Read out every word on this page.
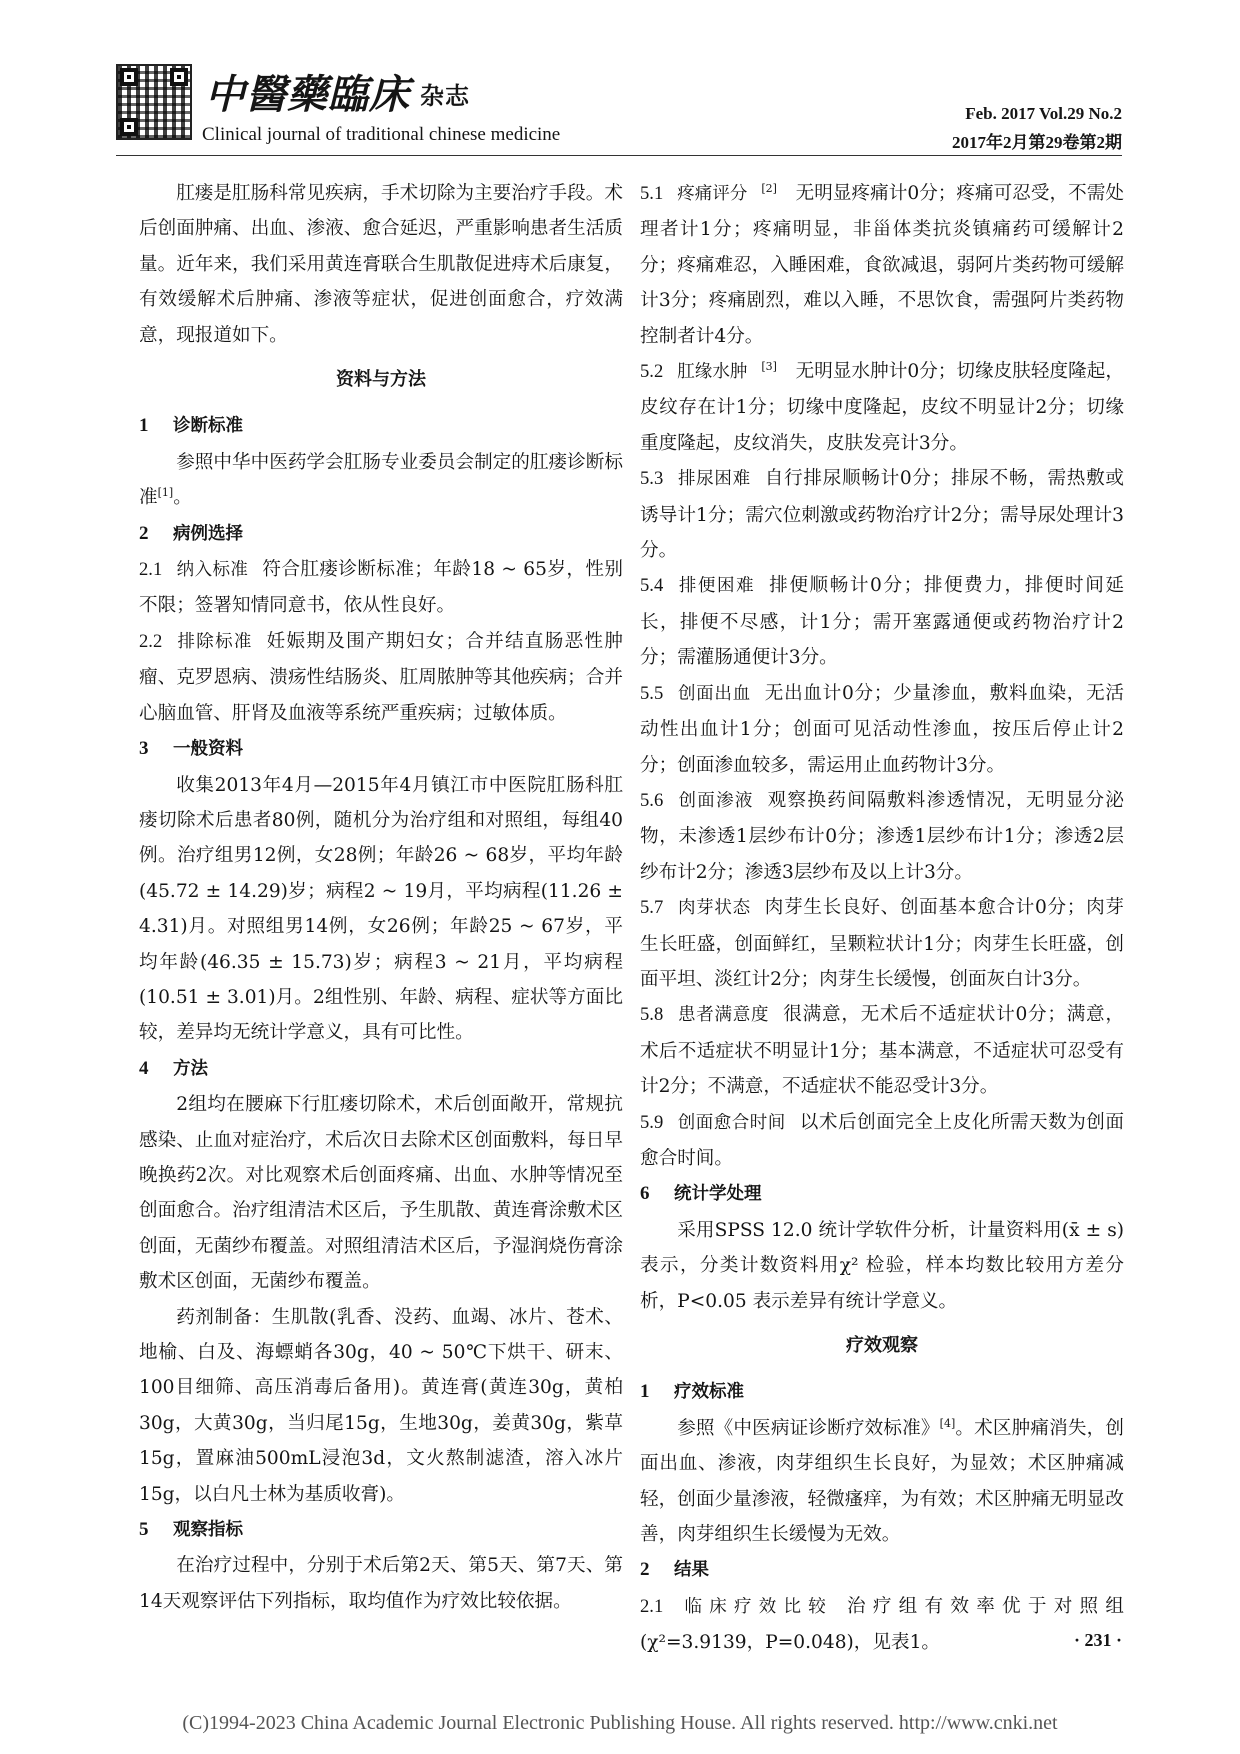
中醫藥臨床 杂志
Clinical journal of traditional chinese medicine
Feb. 2017 Vol.29 No.2
2017年2月第29卷第2期

肛瘘是肛肠科常见疾病，手术切除为主要治疗手段。术后创面肿痛、出血、渗液、愈合延迟，严重影响患者生活质量。近年来，我们采用黄连膏联合生肌散促进痔术后康复，有效缓解术后肿痛、渗液等症状，促进创面愈合，疗效满意，现报道如下。

资料与方法

1 诊断标准

参照中华中医药学会肛肠专业委员会制定的肛瘘诊断标准[1]。

2 病例选择

2.1 纳入标准 符合肛瘘诊断标准；年龄18 ~ 65岁，性别不限；签署知情同意书，依从性良好。

2.2 排除标准 妊娠期及围产期妇女；合并结直肠恶性肿瘤、克罗恩病、溃疡性结肠炎、肛周脓肿等其他疾病；合并心脑血管、肝肾及血液等系统严重疾病；过敏体质。

3 一般资料

收集2013年4月—2015年4月镇江市中医院肛肠科肛瘘切除术后患者80例，随机分为治疗组和对照组，每组40例。治疗组男12例，女28例；年龄26 ~ 68岁，平均年龄(45.72 ± 14.29)岁；病程2 ~ 19月，平均病程(11.26 ± 4.31)月。对照组男14例，女26例；年龄25 ~ 67岁，平均年龄(46.35 ± 15.73)岁；病程3 ~ 21月，平均病程(10.51 ± 3.01)月。2组性别、年龄、病程、症状等方面比较，差异均无统计学意义，具有可比性。

4 方法

2组均在腰麻下行肛瘘切除术，术后创面敞开，常规抗感染、止血对症治疗，术后次日去除术区创面敷料，每日早晚换药2次。对比观察术后创面疼痛、出血、水肿等情况至创面愈合。治疗组清洁术区后，予生肌散、黄连膏涂敷术区创面，无菌纱布覆盖。对照组清洁术区后，予湿润烧伤膏涂敷术区创面，无菌纱布覆盖。

药剂制备：生肌散(乳香、没药、血竭、冰片、苍术、地榆、白及、海螵蛸各30g，40 ~ 50℃下烘干、研末、100目细筛、高压消毒后备用)。黄连膏(黄连30g，黄柏30g，大黄30g，当归尾15g，生地30g，姜黄30g，紫草15g，置麻油500mL浸泡3d，文火熬制滤渣，溶入冰片15g，以白凡士林为基质收膏)。

5 观察指标

在治疗过程中，分别于术后第2天、第5天、第7天、第14天观察评估下列指标，取均值作为疗效比较依据。

5.1 疼痛评分 [2]  无明显疼痛计0分；疼痛可忍受，不需处理者计1分；疼痛明显，非甾体类抗炎镇痛药可缓解计2分；疼痛难忍，入睡困难，食欲减退，弱阿片类药物可缓解计3分；疼痛剧烈，难以入睡，不思饮食，需强阿片类药物控制者计4分。

5.2 肛缘水肿 [3]  无明显水肿计0分；切缘皮肤轻度隆起，皮纹存在计1分；切缘中度隆起，皮纹不明显计2分；切缘重度隆起，皮纹消失，皮肤发亮计3分。

5.3 排尿困难 自行排尿顺畅计0分；排尿不畅，需热敷或诱导计1分；需穴位刺激或药物治疗计2分；需导尿处理计3分。

5.4 排便困难 排便顺畅计0分；排便费力，排便时间延长，排便不尽感，计1分；需开塞露通便或药物治疗计2分；需灌肠通便计3分。

5.5 创面出血 无出血计0分；少量渗血，敷料血染，无活动性出血计1分；创面可见活动性渗血，按压后停止计2分；创面渗血较多，需运用止血药物计3分。

5.6 创面渗液 观察换药间隔敷料渗透情况，无明显分泌物，未渗透1层纱布计0分；渗透1层纱布计1分；渗透2层纱布计2分；渗透3层纱布及以上计3分。

5.7 肉芽状态 肉芽生长良好、创面基本愈合计0分；肉芽生长旺盛，创面鲜红，呈颗粒状计1分；肉芽生长旺盛，创面平坦、淡红计2分；肉芽生长缓慢，创面灰白计3分。

5.8 患者满意度 很满意，无术后不适症状计0分；满意，术后不适症状不明显计1分；基本满意，不适症状可忍受有计2分；不满意，不适症状不能忍受计3分。

5.9 创面愈合时间 以术后创面完全上皮化所需天数为创面愈合时间。

6 统计学处理

采用SPSS 12.0 统计学软件分析，计量资料用(x̄ ± s)表示，分类计数资料用χ² 检验，样本均数比较用方差分析，P<0.05 表示差异有统计学意义。

疗效观察

1 疗效标准

参照《中医病证诊断疗效标准》[4]。术区肿痛消失，创面出血、渗液，肉芽组织生长良好，为显效；术区肿痛减轻，创面少量渗液，轻微瘙痒，为有效；术区肿痛无明显改善，肉芽组织生长缓慢为无效。

2 结果

2.1 临床疗效比较 治疗组有效率优于对照组(χ²=3.9139，P=0.048)，见表1。	· 231 ·
(C)1994-2023 China Academic Journal Electronic Publishing House. All rights reserved. http://www.cnki.net
